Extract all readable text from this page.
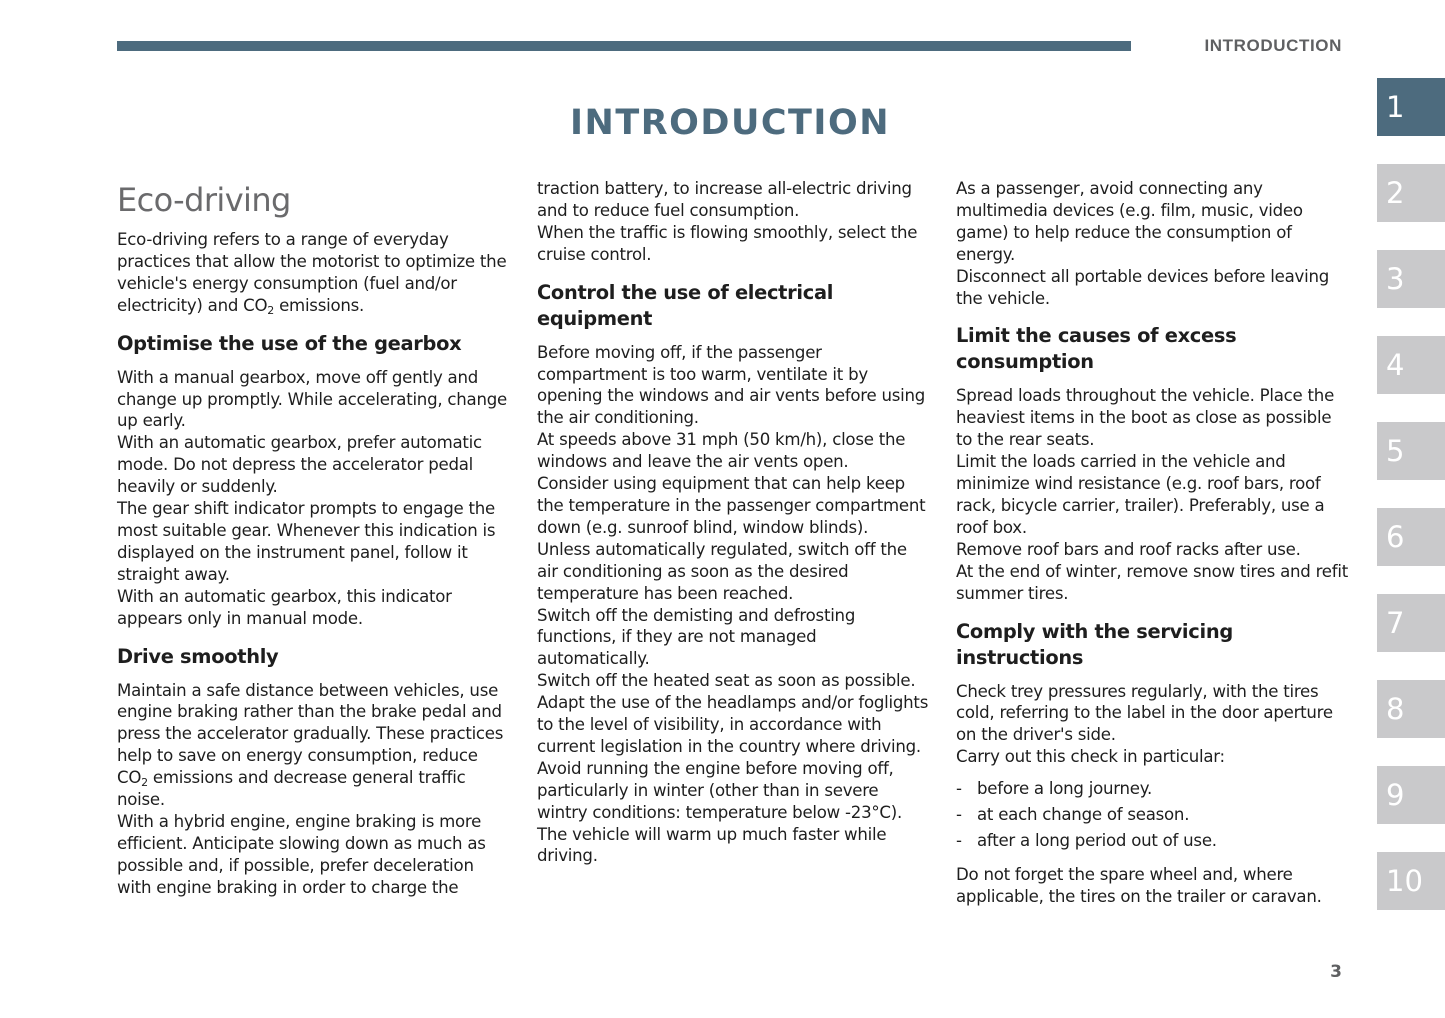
INTRODUCTION
INTRODUCTION
Eco-driving

Eco-driving refers to a range of everyday practices that allow the motorist to optimize the vehicle's energy consumption (fuel and/or electricity) and $CO_2$ emissions.

Optimise the use of the gearbox

With a manual gearbox, move off gently and change up promptly. While accelerating, change up early.

With an automatic gearbox, prefer automatic mode. Do not depress the accelerator pedal heavily or suddenly.

The gear shift indicator prompts to engage the most suitable gear. Whenever this indication is displayed on the instrument panel, follow it straight away.

With an automatic gearbox, this indicator appears only in manual mode.

Drive smoothly

Maintain a safe distance between vehicles, use engine braking rather than the brake pedal and press the accelerator gradually. These practices help to save on energy consumption, reduce $CO_2$ emissions and decrease general traffic noise.

With a hybrid engine, engine braking is more efficient. Anticipate slowing down as much as possible and, if possible, prefer deceleration with engine braking in order to charge the

traction battery, to increase all-electric driving and to reduce fuel consumption.

When the traffic is flowing smoothly, select the cruise control.

Control the use of electrical equipment

Before moving off, if the passenger compartment is too warm, ventilate it by opening the windows and air vents before using the air conditioning.

At speeds above 31 mph (50 km/h), close the windows and leave the air vents open.

Consider using equipment that can help keep the temperature in the passenger compartment down (e.g. sunroof blind, window blinds).

Unless automatically regulated, switch off the air conditioning as soon as the desired temperature has been reached.

Switch off the demisting and defrosting functions, if they are not managed automatically.

Switch off the heated seat as soon as possible.

Adapt the use of the headlamps and/or foglights to the level of visibility, in accordance with current legislation in the country where driving.

Avoid running the engine before moving off, particularly in winter (other than in severe wintry conditions: temperature below -23°C).

The vehicle will warm up much faster while driving.

As a passenger, avoid connecting any multimedia devices (e.g. film, music, video game) to help reduce the consumption of energy.

Disconnect all portable devices before leaving the vehicle.

Limit the causes of excess consumption

Spread loads throughout the vehicle. Place the heaviest items in the boot as close as possible to the rear seats.

Limit the loads carried in the vehicle and minimize wind resistance (e.g. roof bars, roof rack, bicycle carrier, trailer). Preferably, use a roof box.

Remove roof bars and roof racks after use.

At the end of winter, remove snow tires and refit summer tires.

Comply with the servicing instructions

Check trey pressures regularly, with the tires cold, referring to the label in the door aperture on the driver's side.

Carry out this check in particular:

- before a long journey.
- at each change of season.
- after a long period out of use.

Do not forget the spare wheel and, where applicable, the tires on the trailer or caravan.

1
2
3
4
5
6
7
8
9
10
3
